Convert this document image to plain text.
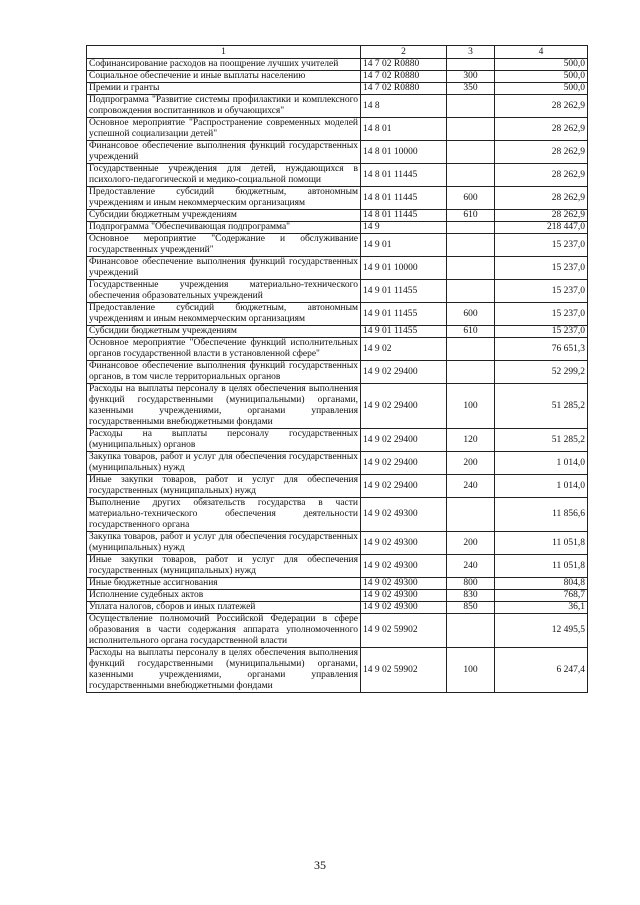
1	2	3	4
Софинансирование расходов на поощрение лучших учителей	14 7 02 R0880		500,0
Социальное обеспечение и иные выплаты населению	14 7 02 R0880	300	500,0
Премии и гранты	14 7 02 R0880	350	500,0
Подпрограмма "Развитие системы профилактики и комплексного сопровождения воспитанников и обучающихся"	14 8		28 262,9
Основное мероприятие "Распространение современных моделей успешной социализации детей"	14 8 01		28 262,9
Финансовое обеспечение выполнения функций государственных учреждений	14 8 01 10000		28 262,9
Государственные учреждения для детей, нуждающихся в психолого-педагогической и медико-социальной помощи	14 8 01 11445		28 262,9
Предоставление субсидий бюджетным, автономным учреждениям и иным некоммерческим организациям	14 8 01 11445	600	28 262,9
Субсидии бюджетным учреждениям	14 8 01 11445	610	28 262,9
Подпрограмма "Обеспечивающая подпрограмма"	14 9		218 447,0
Основное мероприятие "Содержание и обслуживание государственных учреждений"	14 9 01		15 237,0
Финансовое обеспечение выполнения функций государственных учреждений	14 9 01 10000		15 237,0
Государственные учреждения материально-технического обеспечения образовательных учреждений	14 9 01 11455		15 237,0
Предоставление субсидий бюджетным, автономным учреждениям и иным некоммерческим организациям	14 9 01 11455	600	15 237,0
Субсидии бюджетным учреждениям	14 9 01 11455	610	15 237,0
Основное мероприятие "Обеспечение функций исполнительных органов государственной власти в установленной сфере"	14 9 02		76 651,3
Финансовое обеспечение выполнения функций государственных органов, в том числе территориальных органов	14 9 02 29400		52 299,2
Расходы на выплаты персоналу в целях обеспечения выполнения функций государственными (муниципальными) органами, казенными учреждениями, органами управления государственными внебюджетными фондами	14 9 02 29400	100	51 285,2
Расходы на выплаты персоналу государственных (муниципальных) органов	14 9 02 29400	120	51 285,2
Закупка товаров, работ и услуг для обеспечения государственных (муниципальных) нужд	14 9 02 29400	200	1 014,0
Иные закупки товаров, работ и услуг для обеспечения государственных (муниципальных) нужд	14 9 02 29400	240	1 014,0
Выполнение других обязательств государства в части материально-технического обеспечения деятельности государственного органа	14 9 02 49300		11 856,6
Закупка товаров, работ и услуг для обеспечения государственных (муниципальных) нужд	14 9 02 49300	200	11 051,8
Иные закупки товаров, работ и услуг для обеспечения государственных (муниципальных) нужд	14 9 02 49300	240	11 051,8
Иные бюджетные ассигнования	14 9 02 49300	800	804,8
Исполнение судебных актов	14 9 02 49300	830	768,7
Уплата налогов, сборов и иных платежей	14 9 02 49300	850	36,1
Осуществление полномочий Российской Федерации в сфере образования в части содержания аппарата уполномоченного исполнительного органа государственной власти	14 9 02 59902		12 495,5
Расходы на выплаты персоналу в целях обеспечения выполнения функций государственными (муниципальными) органами, казенными учреждениями, органами управления государственными внебюджетными фондами	14 9 02 59902	100	6 247,4
35
